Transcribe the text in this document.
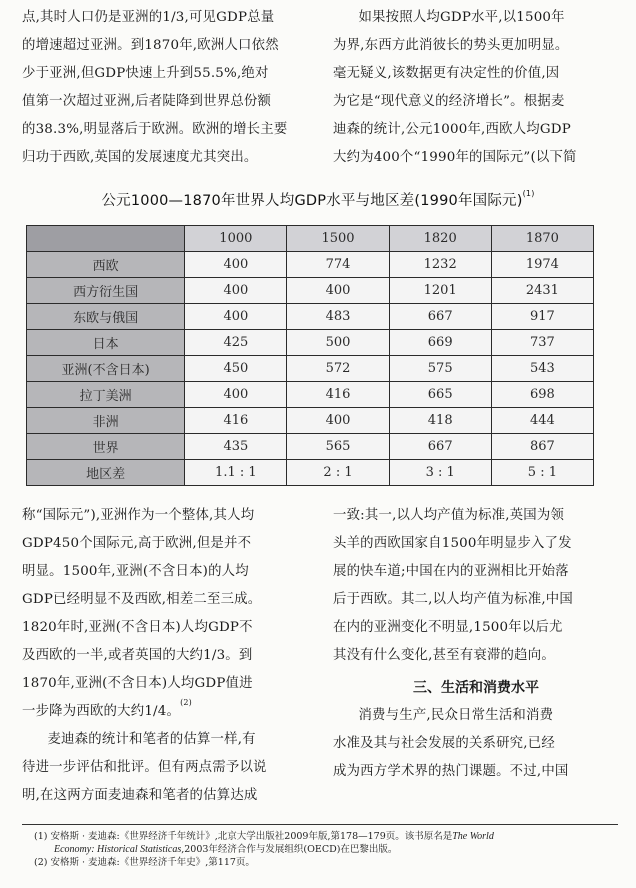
点,其时人口仍是亚洲的1/3,可见GDP总量
的增速超过亚洲。到1870年,欧洲人口依然
少于亚洲,但GDP快速上升到55.5%,绝对
值第一次超过亚洲,后者陡降到世界总份额
的38.3%,明显落后于欧洲。欧洲的增长主要
归功于西欧,英国的发展速度尤其突出。
如果按照人均GDP水平,以1500年
为界,东西方此消彼长的势头更加明显。
毫无疑义,该数据更有决定性的价值,因
为它是“现代意义的经济增长”。根据麦
迪森的统计,公元1000年,西欧人均GDP
大约为400个“1990年的国际元”(以下简
公元1000—1870年世界人均GDP水平与地区差(1990年国际元)$^{(1)}$
	1000	1500	1820	1870
西欧	400	774	1232	1974
西方衍生国	400	400	1201	2431
东欧与俄国	400	483	667	917
日本	425	500	669	737
亚洲(不含日本)	450	572	575	543
拉丁美洲	400	416	665	698
非洲	416	400	418	444
世界	435	565	667	867
地区差	1.1 : 1	2 : 1	3 : 1	5 : 1
称“国际元”),亚洲作为一个整体,其人均
GDP450个国际元,高于欧洲,但是并不
明显。1500年,亚洲(不含日本)的人均
GDP已经明显不及西欧,相差二至三成。
1820年时,亚洲(不含日本)人均GDP不
及西欧的一半,或者英国的大约1/3。到
1870年,亚洲(不含日本)人均GDP值进
一步降为西欧的大约1/4。$^{(2)}$
麦迪森的统计和笔者的估算一样,有
待进一步评估和批评。但有两点需予以说
明,在这两方面麦迪森和笔者的估算达成
一致:其一,以人均产值为标准,英国为领
头羊的西欧国家自1500年明显步入了发
展的快车道;中国在内的亚洲相比开始落
后于西欧。其二,以人均产值为标准,中国
在内的亚洲变化不明显,1500年以后尤
其没有什么变化,甚至有衰滞的趋向。
三、生活和消费水平
消费与生产,民众日常生活和消费
水准及其与社会发展的关系研究,已经
成为西方学术界的热门课题。不过,中国
(1) 安格斯 · 麦迪森:《世界经济千年统计》,北京大学出版社2009年版,第178—179页。该书原名是The World
Economy: Historical Statisticas,2003年经济合作与发展组织(OECD)在巴黎出版。
(2) 安格斯 · 麦迪森:《世界经济千年史》,第117页。
